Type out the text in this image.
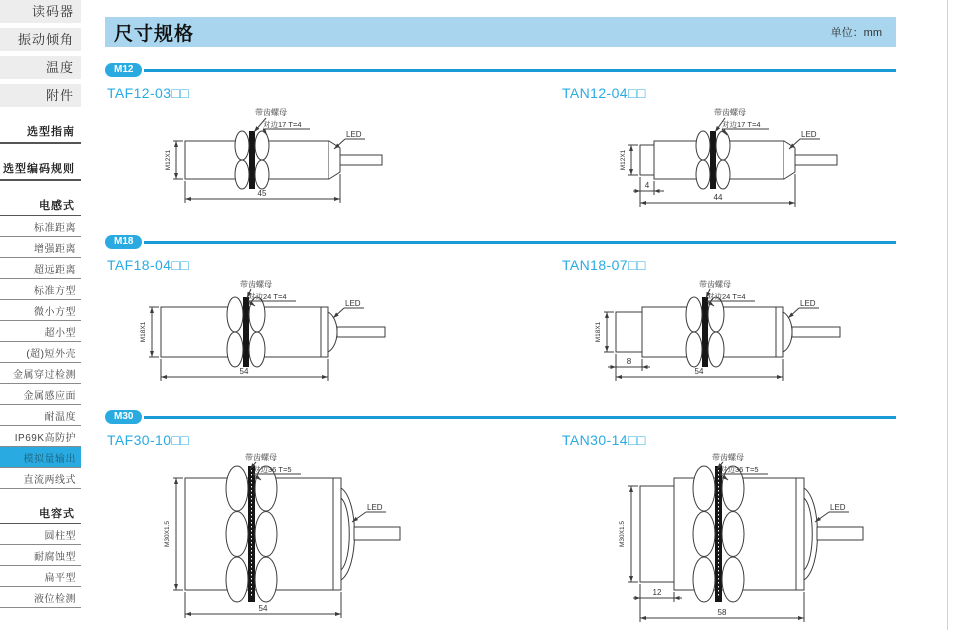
读码器
振动倾角
温度
附件
选型指南
选型编码规则
电感式
标准距离
增强距离
超远距离
标准方型
微小方型
超小型
(超)短外壳
金属穿过检测
金属感应面
耐温度
IP69K高防护
模拟量输出
直流两线式
电容式
圆柱型
耐腐蚀型
扁平型
液位检测
尺寸规格	单位：mm
M12
TAF12-03□□
带齿螺母
对边17 T=4
LED
M12X1
45
TAN12-04□□
带齿螺母
对边17 T=4
LED
M12X1
4
44
M18
TAF18-04□□
带齿螺母
对边24 T=4
LED
M18X1
54
TAN18-07□□
带齿螺母
对边24 T=4
LED
M18X1
8
54
M30
TAF30-10□□
带齿螺母
对边36 T=5
LED
M30X1.5
54
TAN30-14□□
带齿螺母
对边36 T=5
LED
M30X1.5
12
58
